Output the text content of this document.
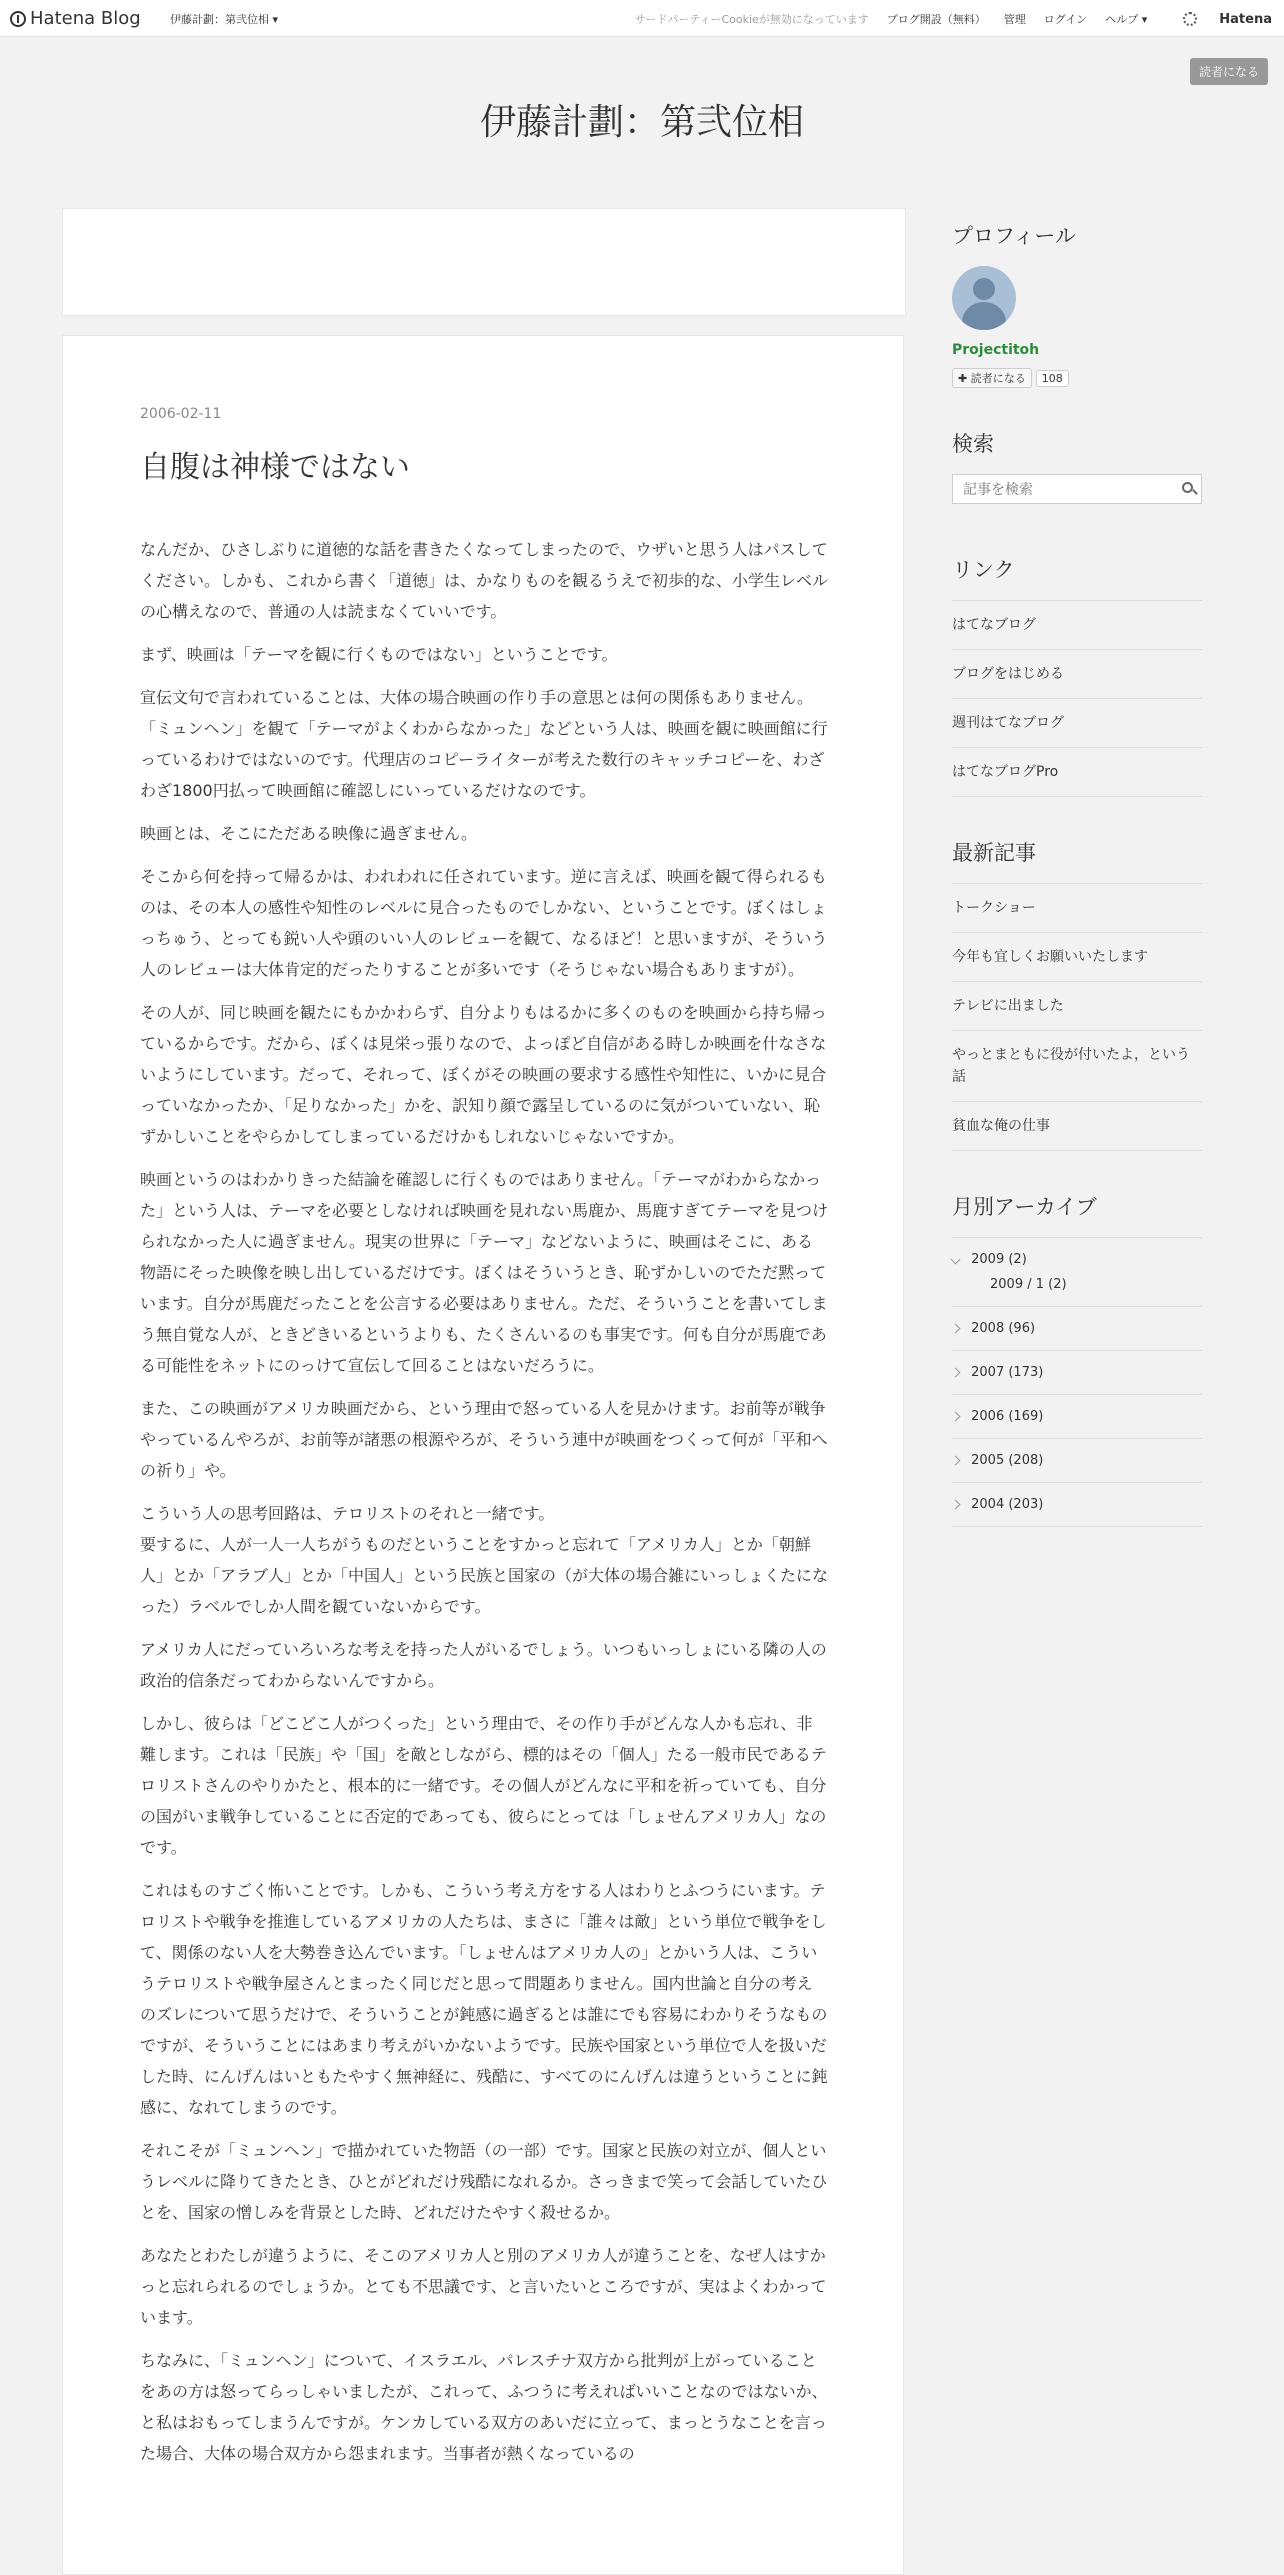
Hatena Blog	伊藤計劃：第弐位相 ▾	サードパーティーCookieが無効になっています ブログ開設（無料） 管理 ログイン ヘルプ ▾	Hatena
読者になる
伊藤計劃：第弐位相
2006-02-11
自腹は神様ではない

なんだか、ひさしぶりに道徳的な話を書きたくなってしまったので、ウザいと思う人はパスしてください。しかも、これから書く「道徳」は、かなりものを観るうえで初歩的な、小学生レベルの心構えなので、普通の人は読まなくていいです。

まず、映画は「テーマを観に行くものではない」ということです。

宣伝文句で言われていることは、大体の場合映画の作り手の意思とは何の関係もありません。「ミュンヘン」を観て「テーマがよくわからなかった」などという人は、映画を観に映画館に行っているわけではないのです。代理店のコピーライターが考えた数行のキャッチコピーを、わざわざ1800円払って映画館に確認しにいっているだけなのです。

映画とは、そこにただある映像に過ぎません。

そこから何を持って帰るかは、われわれに任されています。逆に言えば、映画を観て得られるものは、その本人の感性や知性のレベルに見合ったものでしかない、ということです。ぼくはしょっちゅう、とっても鋭い人や頭のいい人のレビューを観て、なるほど！と思いますが、そういう人のレビューは大体肯定的だったりすることが多いです（そうじゃない場合もありますが）。

その人が、同じ映画を観たにもかかわらず、自分よりもはるかに多くのものを映画から持ち帰っているからです。だから、ぼくは見栄っ張りなので、よっぽど自信がある時しか映画を什なさないようにしています。だって、それって、ぼくがその映画の要求する感性や知性に、いかに見合っていなかったか、「足りなかった」かを、訳知り顔で露呈しているのに気がついていない、恥ずかしいことをやらかしてしまっているだけかもしれないじゃないですか。

映画というのはわかりきった結論を確認しに行くものではありません。「テーマがわからなかった」という人は、テーマを必要としなければ映画を見れない馬鹿か、馬鹿すぎてテーマを見つけられなかった人に過ぎません。現実の世界に「テーマ」などないように、映画はそこに、ある物語にそった映像を映し出しているだけです。ぼくはそういうとき、恥ずかしいのでただ黙っています。自分が馬鹿だったことを公言する必要はありません。ただ、そういうことを書いてしまう無自覚な人が、ときどきいるというよりも、たくさんいるのも事実です。何も自分が馬鹿である可能性をネットにのっけて宣伝して回ることはないだろうに。

また、この映画がアメリカ映画だから、という理由で怒っている人を見かけます。お前等が戦争やっているんやろが、お前等が諸悪の根源やろが、そういう連中が映画をつくって何が「平和への祈り」や。

こういう人の思考回路は、テロリストのそれと一緒です。
要するに、人が一人一人ちがうものだということをすかっと忘れて「アメリカ人」とか「朝鮮人」とか「アラブ人」とか「中国人」という民族と国家の（が大体の場合雑にいっしょくたになった）ラベルでしか人間を観ていないからです。

アメリカ人にだっていろいろな考えを持った人がいるでしょう。いつもいっしょにいる隣の人の政治的信条だってわからないんですから。

しかし、彼らは「どこどこ人がつくった」という理由で、その作り手がどんな人かも忘れ、非難します。これは「民族」や「国」を敵としながら、標的はその「個人」たる一般市民であるテロリストさんのやりかたと、根本的に一緒です。その個人がどんなに平和を祈っていても、自分の国がいま戦争していることに否定的であっても、彼らにとっては「しょせんアメリカ人」なのです。

これはものすごく怖いことです。しかも、こういう考え方をする人はわりとふつうにいます。テロリストや戦争を推進しているアメリカの人たちは、まさに「誰々は敵」という単位で戦争をして、関係のない人を大勢巻き込んでいます。「しょせんはアメリカ人の」とかいう人は、こういうテロリストや戦争屋さんとまったく同じだと思って問題ありません。国内世論と自分の考えのズレについて思うだけで、そういうことが鈍感に過ぎるとは誰にでも容易にわかりそうなものですが、そういうことにはあまり考えがいかないようです。民族や国家という単位で人を扱いだした時、にんげんはいともたやすく無神経に、残酷に、すべてのにんげんは違うということに鈍感に、なれてしまうのです。

それこそが「ミュンヘン」で描かれていた物語（の一部）です。国家と民族の対立が、個人というレベルに降りてきたとき、ひとがどれだけ残酷になれるか。さっきまで笑って会話していたひとを、国家の憎しみを背景とした時、どれだけたやすく殺せるか。

あなたとわたしが違うように、そこのアメリカ人と別のアメリカ人が違うことを、なぜ人はすかっと忘れられるのでしょうか。とても不思議です、と言いたいところですが、実はよくわかっています。

ちなみに、「ミュンヘン」について、イスラエル、パレスチナ双方から批判が上がっていることをあの方は怒ってらっしゃいましたが、これって、ふつうに考えればいいことなのではないか、と私はおもってしまうんですが。ケンカしている双方のあいだに立って、まっとうなことを言った場合、大体の場合双方から怨まれます。当事者が熱くなっているの

プロフィール
Projectitoh
✚ 読者になる	108
検索
記事を検索
リンク
はてなブログ
ブログをはじめる
週刊はてなブログ
はてなブログPro
最新記事
トークショー
今年も宜しくお願いいたします
テレビに出ました
やっとまともに役が付いたよ，という話
貧血な俺の仕事
月別アーカイブ
2009 (2)
2009 / 1 (2)
2008 (96)
2007 (173)
2006 (169)
2005 (208)
2004 (203)
